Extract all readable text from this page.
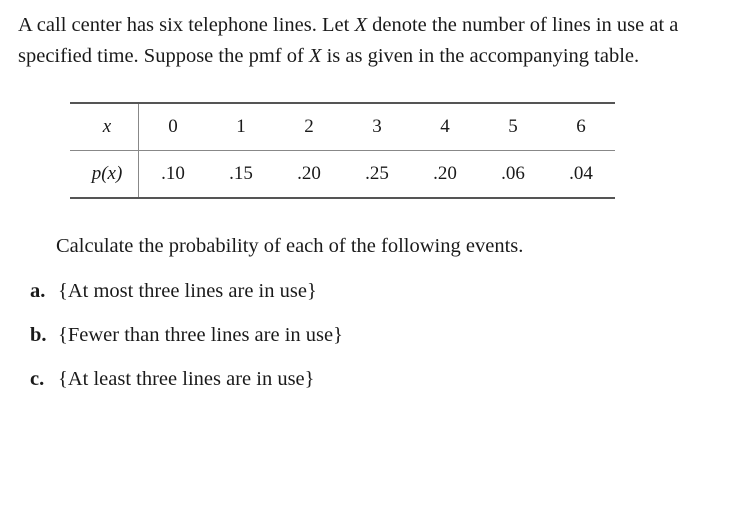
A call center has six telephone lines. Let X denote the number of lines in use at a specified time. Suppose the pmf of X is as given in the accompanying table.

x	0	1	2	3	4	5	6

p(x)	.10	.15	.20	.25	.20	.06	.04

Calculate the probability of each of the following events.
a. {At most three lines are in use}
b. {Fewer than three lines are in use}
c. {At least three lines are in use}
